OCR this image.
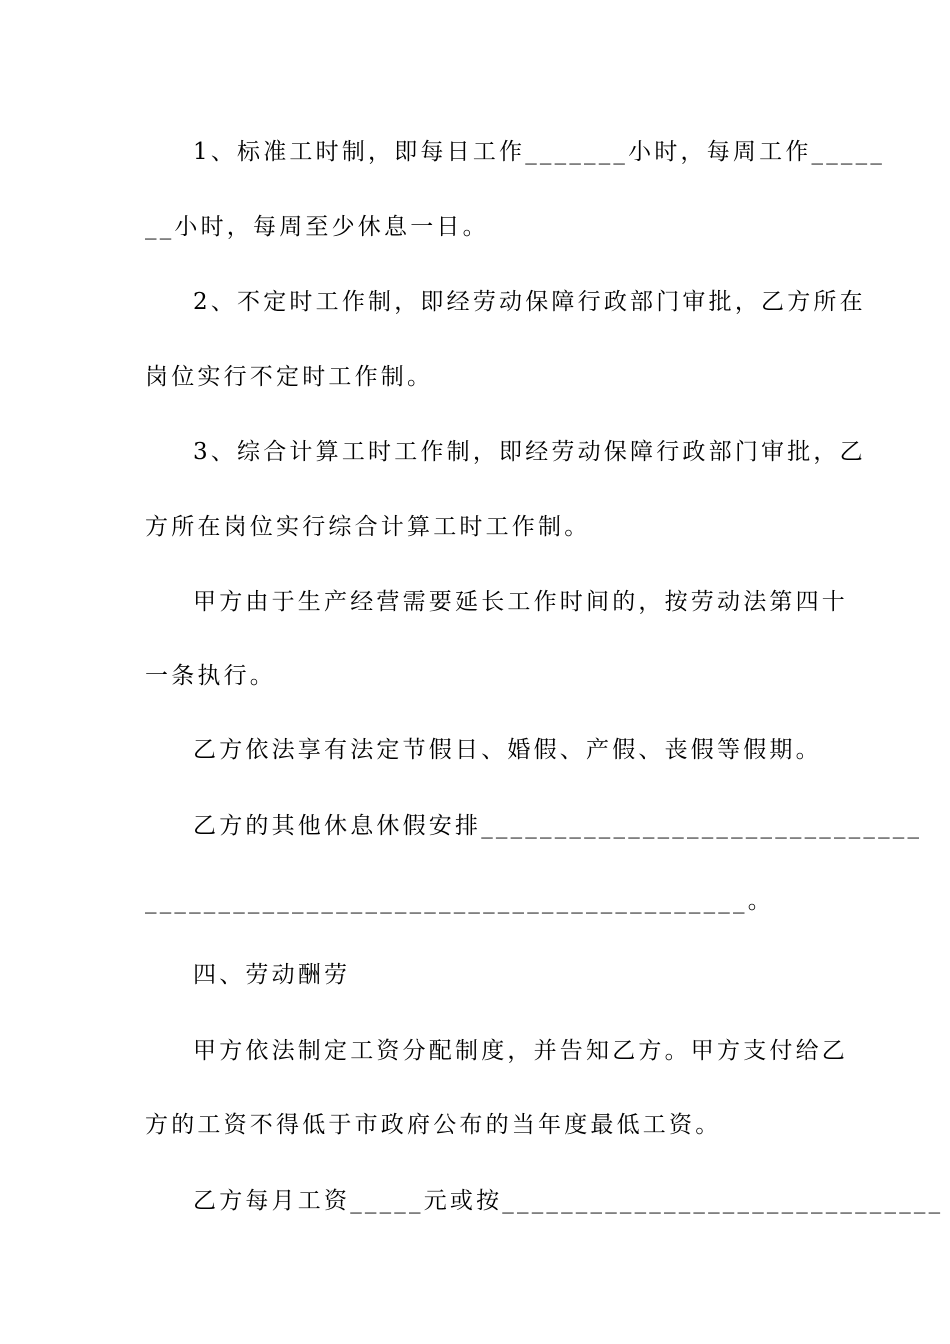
1、标准工时制，即每日工作_______小时，每周工作_____
__小时，每周至少休息一日。
2、不定时工作制，即经劳动保障行政部门审批，乙方所在
岗位实行不定时工作制。
3、综合计算工时工作制，即经劳动保障行政部门审批，乙
方所在岗位实行综合计算工时工作制。
甲方由于生产经营需要延长工作时间的，按劳动法第四十
一条执行。
乙方依法享有法定节假日、婚假、产假、丧假等假期。
乙方的其他休息休假安排______________________________
_________________________________________。
四、劳动酬劳
甲方依法制定工资分配制度，并告知乙方。甲方支付给乙
方的工资不得低于市政府公布的当年度最低工资。
乙方每月工资_____元或按______________________________
